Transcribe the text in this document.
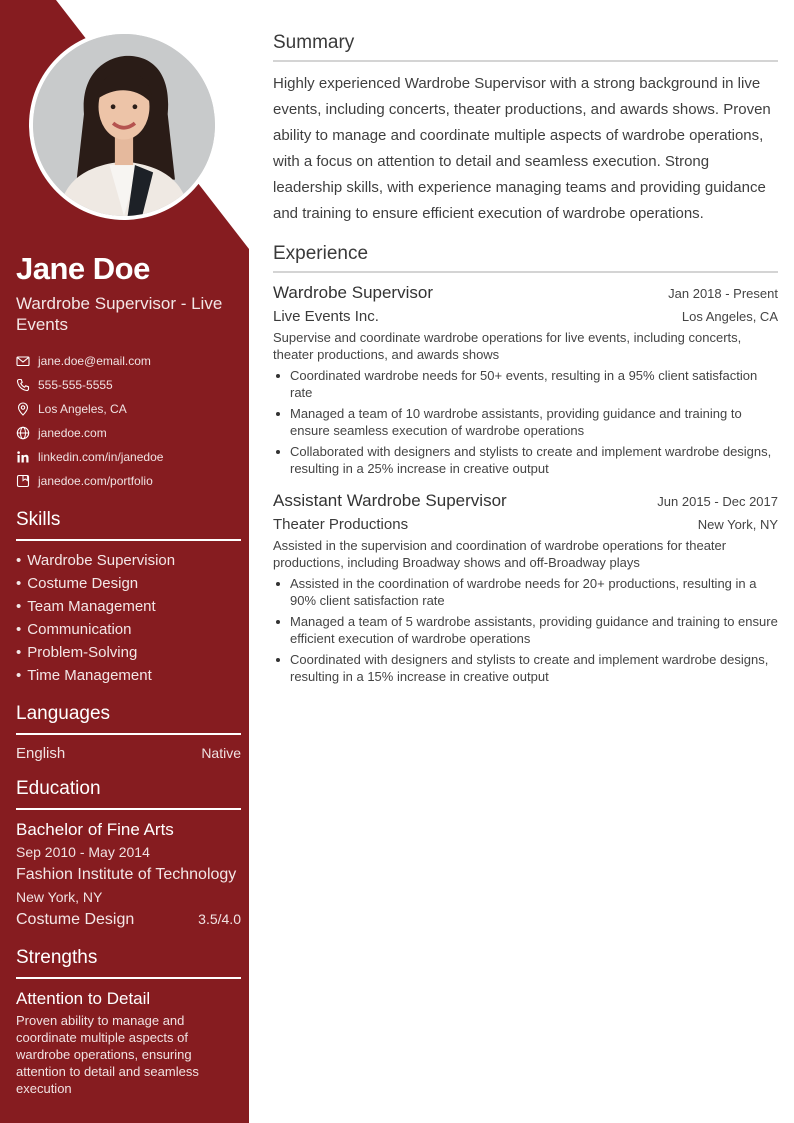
Jane Doe
Wardrobe Supervisor - Live Events
jane.doe@email.com
555-555-5555
Los Angeles, CA
janedoe.com
linkedin.com/in/janedoe
janedoe.com/portfolio
Skills
• Wardrobe Supervision
• Costume Design
• Team Management
• Communication
• Problem-Solving
• Time Management
Languages
English	Native
Education
Bachelor of Fine Arts
Sep 2010 - May 2014
Fashion Institute of Technology
New York, NY
Costume Design	3.5/4.0
Strengths
Attention to Detail
Proven ability to manage and coordinate multiple aspects of wardrobe operations, ensuring attention to detail and seamless execution
Summary

Highly experienced Wardrobe Supervisor with a strong background in live events, including concerts, theater productions, and awards shows. Proven ability to manage and coordinate multiple aspects of wardrobe operations, with a focus on attention to detail and seamless execution. Strong leadership skills, with experience managing teams and providing guidance and training to ensure efficient execution of wardrobe operations.

Experience
Wardrobe Supervisor	Jan 2018 - Present
Live Events Inc.	Los Angeles, CA
Supervise and coordinate wardrobe operations for live events, including concerts, theater productions, and awards shows
Coordinated wardrobe needs for 50+ events, resulting in a 95% client satisfaction rate
Managed a team of 10 wardrobe assistants, providing guidance and training to ensure seamless execution of wardrobe operations
Collaborated with designers and stylists to create and implement wardrobe designs, resulting in a 25% increase in creative output
Assistant Wardrobe Supervisor	Jun 2015 - Dec 2017
Theater Productions	New York, NY
Assisted in the supervision and coordination of wardrobe operations for theater productions, including Broadway shows and off-Broadway plays
Assisted in the coordination of wardrobe needs for 20+ productions, resulting in a 90% client satisfaction rate
Managed a team of 5 wardrobe assistants, providing guidance and training to ensure efficient execution of wardrobe operations
Coordinated with designers and stylists to create and implement wardrobe designs, resulting in a 15% increase in creative output
